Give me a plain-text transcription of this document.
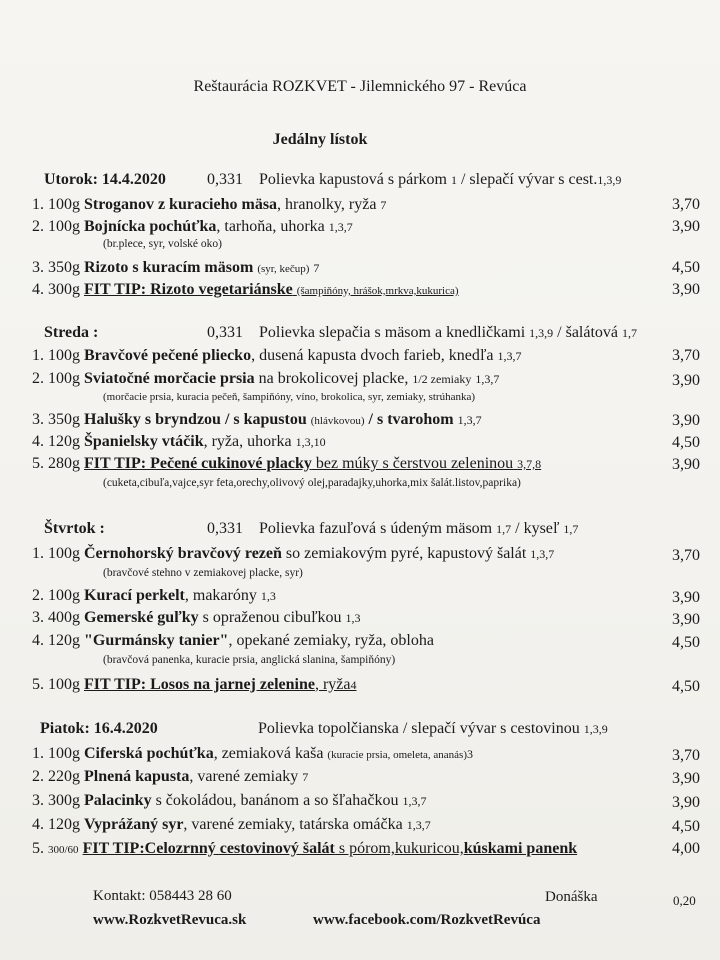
Reštaurácia ROZKVET - Jilemnického 97 - Revúca
Jedálny lístok
Utorok: 14.4.2020	0,331 Polievka kapustová s párkom 1 / slepačí vývar s cest.1,3,9
1. 100g Stroganov z kuracieho mäsa, hranolky, ryža 7	3,70
2. 100g Bojnícka pochúťka, tarhoňa, uhorka 1,3,7	3,90
(br.plece, syr, volské oko)
3. 350g Rizoto s kuracím mäsom (syr, kečup) 7	4,50
4. 300g FIT TIP: Rizoto vegetariánske (šampiňóny, hrášok,mrkva,kukurica)	3,90
Streda :	0,331 Polievka slepačia s mäsom a knedličkami 1,3,9 / šalátová 1,7
1. 100g Bravčové pečené pliecko, dusená kapusta dvoch farieb, knedľa 1,3,7	3,70
2. 100g Sviatočné morčacie prsia na brokolicovej placke, 1/2 zemiaky 1,3,7	3,90
(morčacie prsia, kuracia pečeň, šampiňóny, víno, brokolica, syr, zemiaky, strúhanka)
3. 350g Halušky s bryndzou / s kapustou (hlávkovou) / s tvarohom 1,3,7	3,90
4. 120g Španielsky vtáčik, ryža, uhorka 1,3,10	4,50
5. 280g FIT TIP: Pečené cukinové placky bez múky s čerstvou zeleninou 3,7,8	3,90
(cuketa,cibuľa,vajce,syr feta,orechy,olivový olej,paradajky,uhorka,mix šalát.listov,paprika)
Štvrtok :	0,331 Polievka fazuľová s údeným mäsom 1,7 / kyseľ 1,7
1. 100g Černohorský bravčový rezeň so zemiakovým pyré, kapustový šalát 1,3,7	3,70
(bravčové stehno v zemiakovej placke, syr)
2. 100g Kurací perkelt, makaróny 1,3	3,90
3. 400g Gemerské guľky s opraženou cibuľkou 1,3	3,90
4. 120g "Gurmánsky tanier", opekané zemiaky, ryža, obloha	4,50
(bravčová panenka, kuracie prsia, anglická slanina, šampiňóny)
5. 100g FIT TIP: Losos na jarnej zelenine, ryža4	4,50
Piatok: 16.4.2020	Polievka topolčianska / slepačí vývar s cestovinou 1,3,9
1. 100g Ciferská pochúťka, zemiaková kaša (kuracie prsia, omeleta, ananás)3	3,70
2. 220g Plnená kapusta, varené zemiaky 7	3,90
3. 300g Palacinky s čokoládou, banánom a so šľahačkou 1,3,7	3,90
4. 120g Vyprážaný syr, varené zemiaky, tatárska omáčka 1,3,7	4,50
5. 300/60 FIT TIP:Celozrnný cestovinový šalát s pórom,kukuricou,kúskami panenk	4,00
Kontakt: 058443 28 60	Donáška	0,20
www.RozkvetRevuca.sk	www.facebook.com/RozkvetRevúca
